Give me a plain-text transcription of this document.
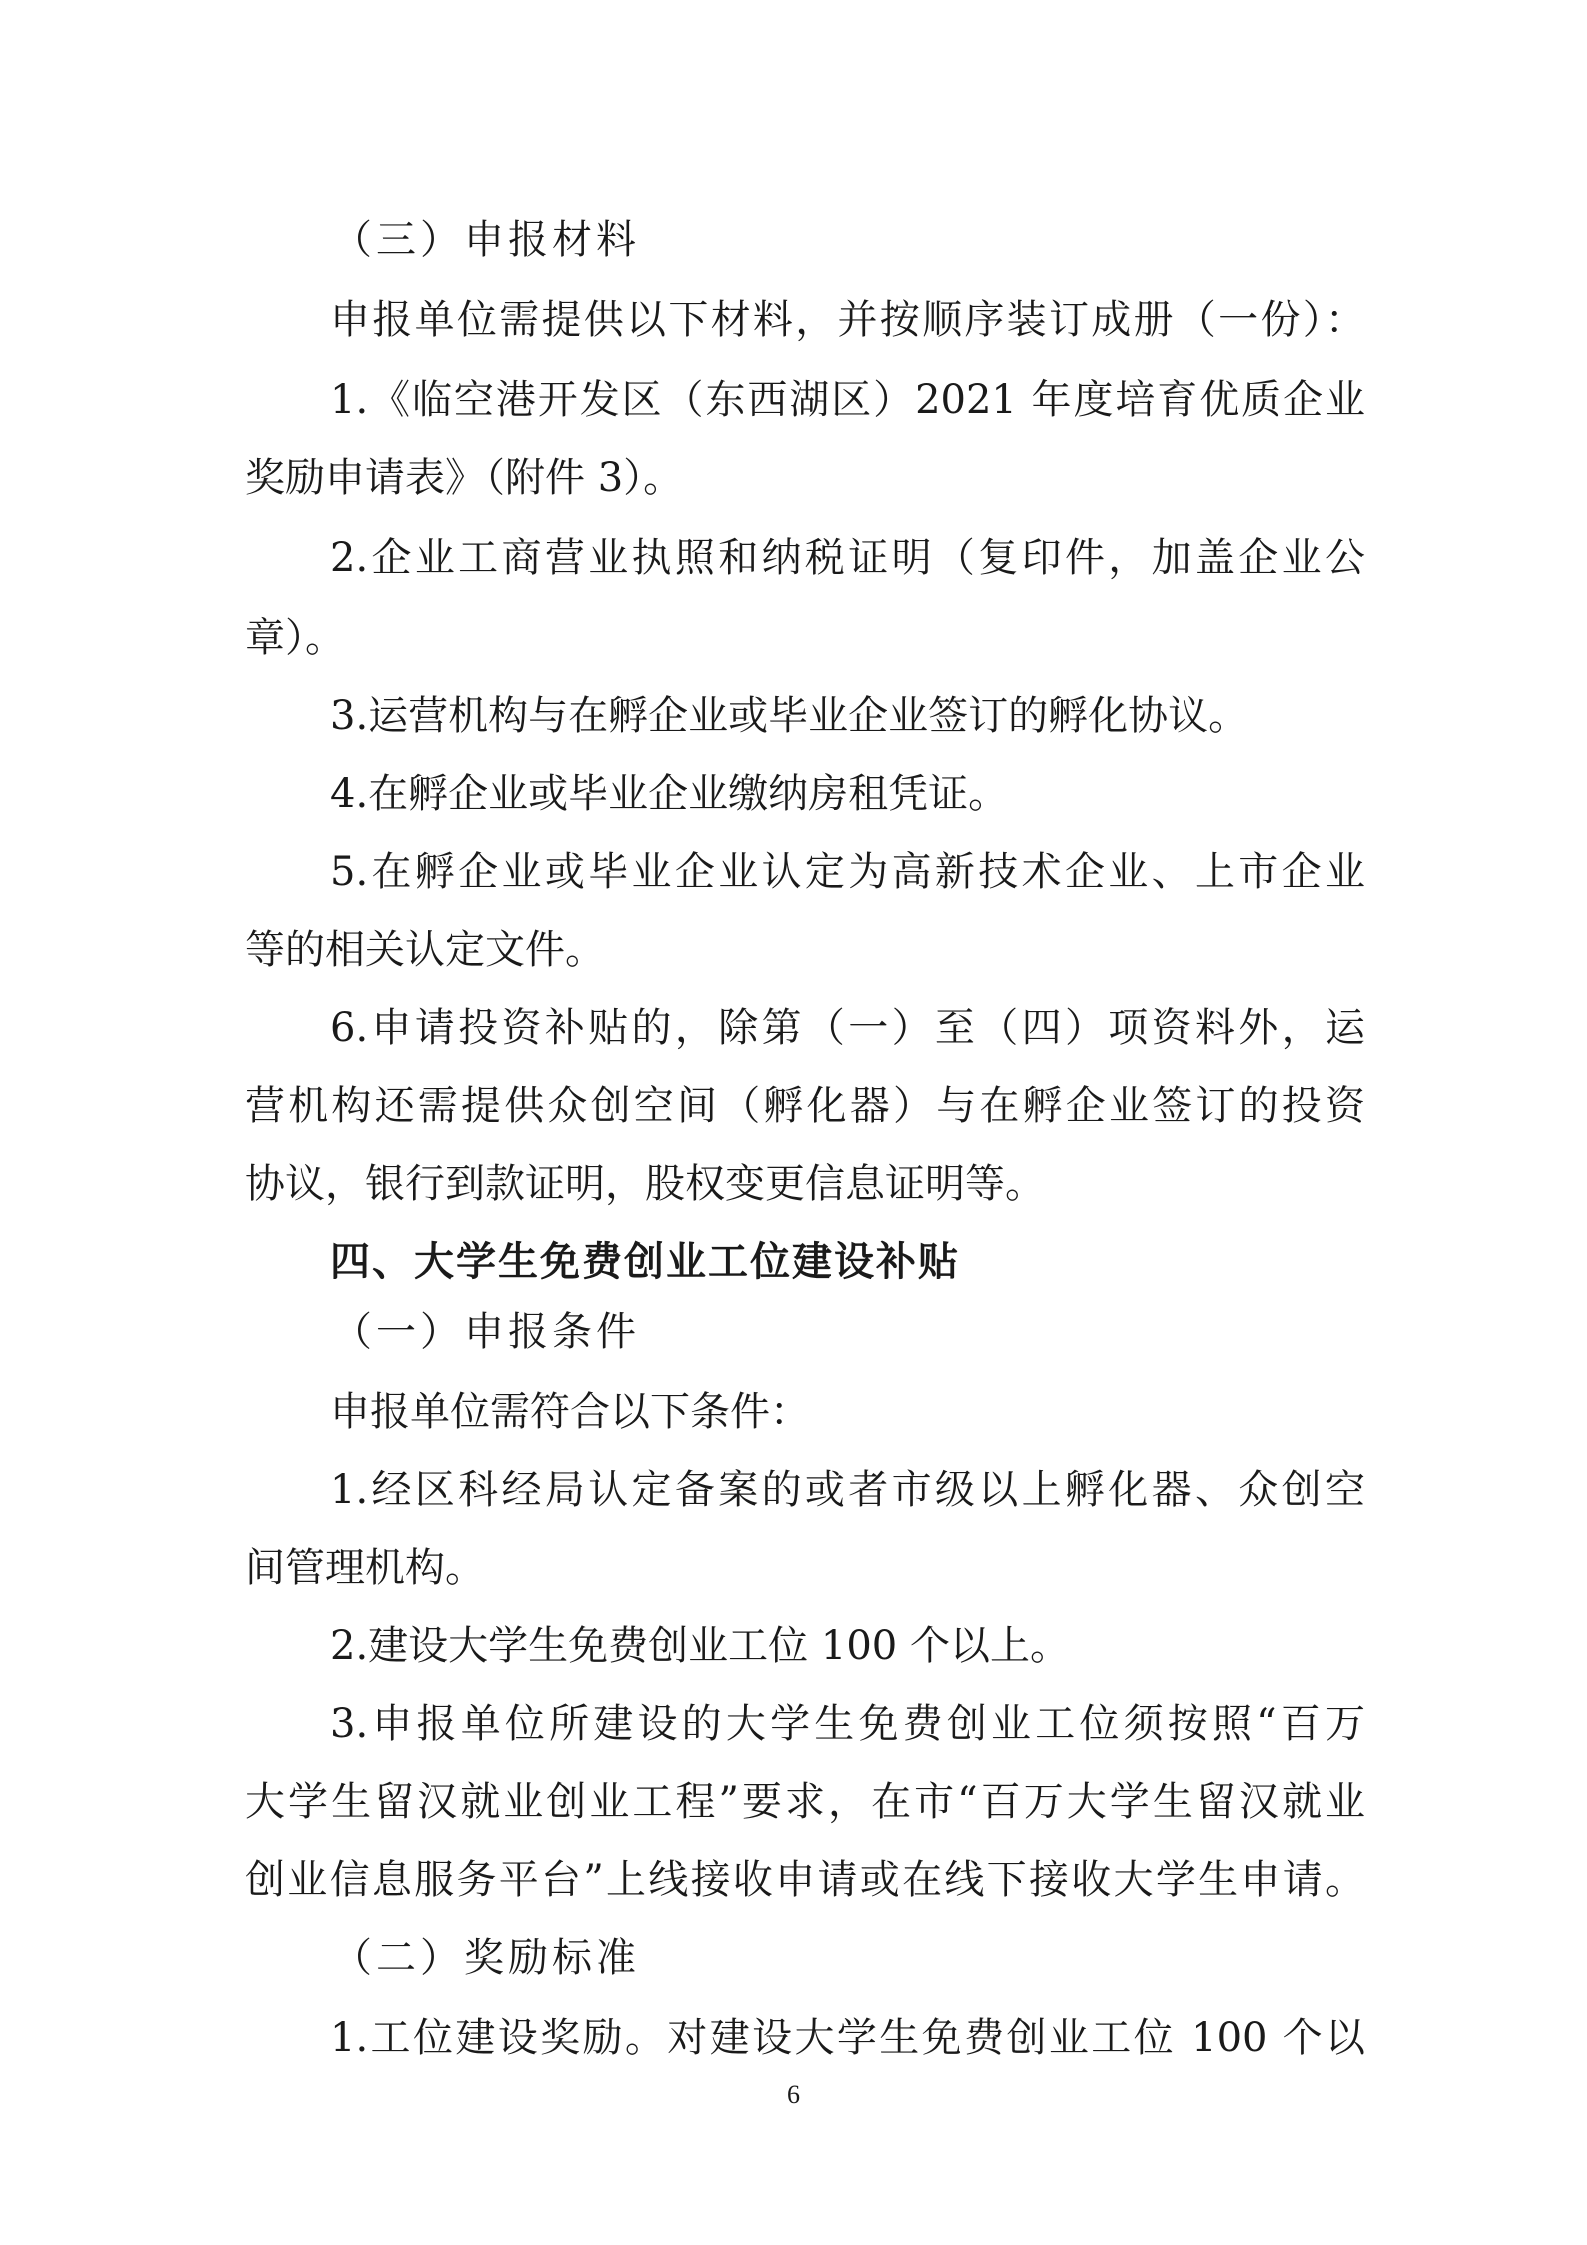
（三）申报材料
申报单位需提供以下材料，并按顺序装订成册（一份）：
1.《临空港开发区（东西湖区）2021 年度培育优质企业
奖励申请表》（附件 3）。
2.企业工商营业执照和纳税证明（复印件，加盖企业公
章）。
3.运营机构与在孵企业或毕业企业签订的孵化协议。
4.在孵企业或毕业企业缴纳房租凭证。
5.在孵企业或毕业企业认定为高新技术企业、上市企业
等的相关认定文件。
6.申请投资补贴的，除第（一）至（四）项资料外，运
营机构还需提供众创空间（孵化器）与在孵企业签订的投资
协议，银行到款证明，股权变更信息证明等。
四、大学生免费创业工位建设补贴
（一）申报条件
申报单位需符合以下条件：
1.经区科经局认定备案的或者市级以上孵化器、众创空
间管理机构。
2.建设大学生免费创业工位 100 个以上。
3.申报单位所建设的大学生免费创业工位须按照“百万
大学生留汉就业创业工程”要求，在市“百万大学生留汉就业
创业信息服务平台”上线接收申请或在线下接收大学生申请。
（二）奖励标准
1.工位建设奖励。对建设大学生免费创业工位 100 个以
6
